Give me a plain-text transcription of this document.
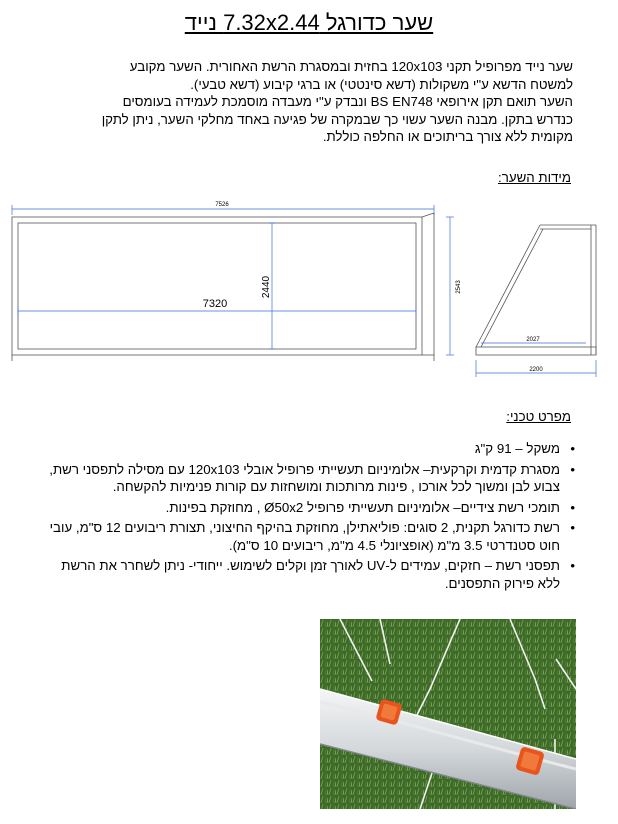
שער כדורגל 7.32x2.44 נייד

שער נייד מפרופיל תקני 120x103 בחזית ובמסגרת הרשת האחורית. השער מקובע

למשטח הדשא ע"י משקולות (דשא סינטטי) או ברגי קיבוע (דשא טבעי).

השער תואם תקן אירופאי BS EN748 ונבדק ע"י מעבדה מוסמכת לעמידה בעומסים

כנדרש בתקן. מבנה השער עשוי כך שבמקרה של פגיעה באחד מחלקי השער, ניתן לתקן

מקומית ללא צורך בריתוכים או החלפה כוללת.

מידות השער:
7526
7320
2440	2543
2027
2200
מפרט טכני:
•
משקל – 91 ק"ג
•
מסגרת קדמית וקרקעית– אלומיניום תעשייתי פרופיל אובלי 120x103 עם מסילה לתפסני רשת, צבוע לבן ומשוך לכל אורכו , פינות מרותכות ומושחזות עם קורות פנימיות להקשחה.
•
תומכי רשת צידיים– אלומיניום תעשייתי פרופיל Ø50x2 , מחוזקת בפינות.
•
רשת כדורגל תקנית, 2 סוגים: פוליאתילן, מחוזקת בהיקף החיצוני, תצורת ריבועים 12 ס"מ, עובי חוט סטנדרטי 3.5 מ"מ (אופציונלי 4.5 מ"מ, ריבועים 10 ס"מ).
•
תפסני רשת – חזקים, עמידים ל-UV לאורך זמן וקלים לשימוש. ייחודי- ניתן לשחרר את הרשת ללא פירוק התפסנים.
